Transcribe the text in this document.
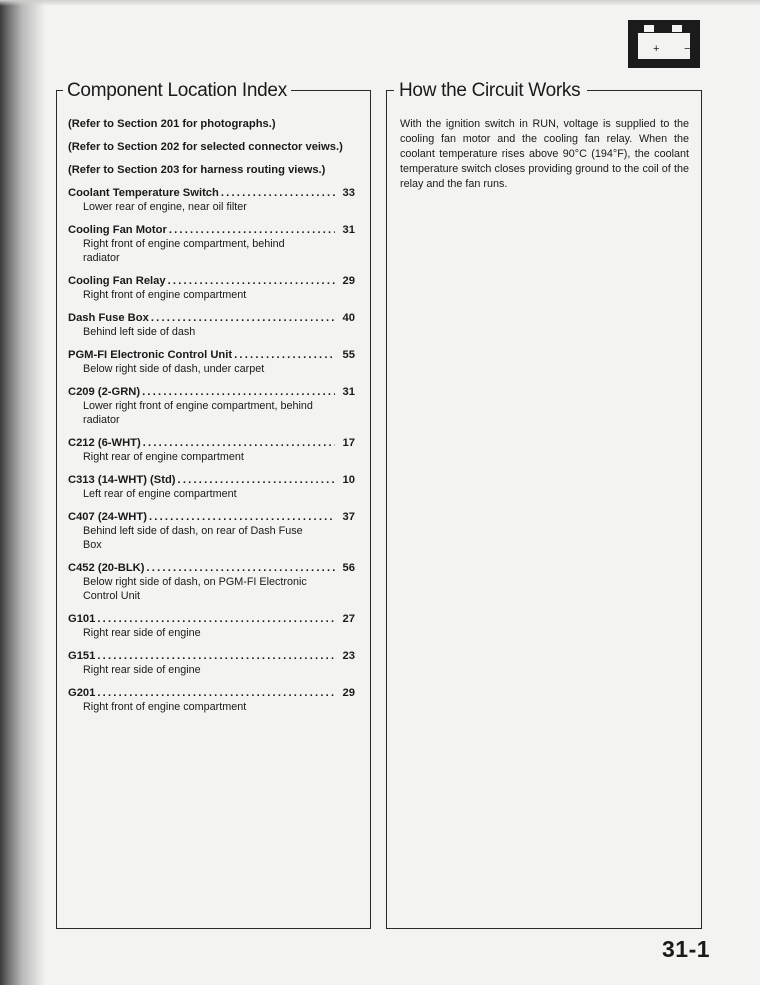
+ −
Component Location Index
(Refer to Section 201 for photographs.)
(Refer to Section 202 for selected connector veiws.)
(Refer to Section 203 for harness routing views.)
Coolant Temperature Switch .....	33
Lower rear of engine, near oil filter
Cooling Fan Motor .....	31
Right front of engine compartment, behind radiator
Cooling Fan Relay .....	29
Right front of engine compartment
Dash Fuse Box .....	40
Behind left side of dash
PGM-FI Electronic Control Unit .....	55
Below right side of dash, under carpet
C209 (2-GRN) .....	31
Lower right front of engine compartment, behind radiator
C212 (6-WHT) .....	17
Right rear of engine compartment
C313 (14-WHT) (Std) .....	10
Left rear of engine compartment
C407 (24-WHT) .....	37
Behind left side of dash, on rear of Dash Fuse Box
C452 (20-BLK) .....	56
Below right side of dash, on PGM-FI Electronic Control Unit
G101 .....	27
Right rear side of engine
G151 .....	23
Right rear side of engine
G201 .....	29
Right front of engine compartment
How the Circuit Works
With the ignition switch in RUN, voltage is supplied to the cooling fan motor and the cooling fan relay. When the coolant temperature rises above 90°C (194°F), the coolant temperature switch closes providing ground to the coil of the relay and the fan runs.
31-1
